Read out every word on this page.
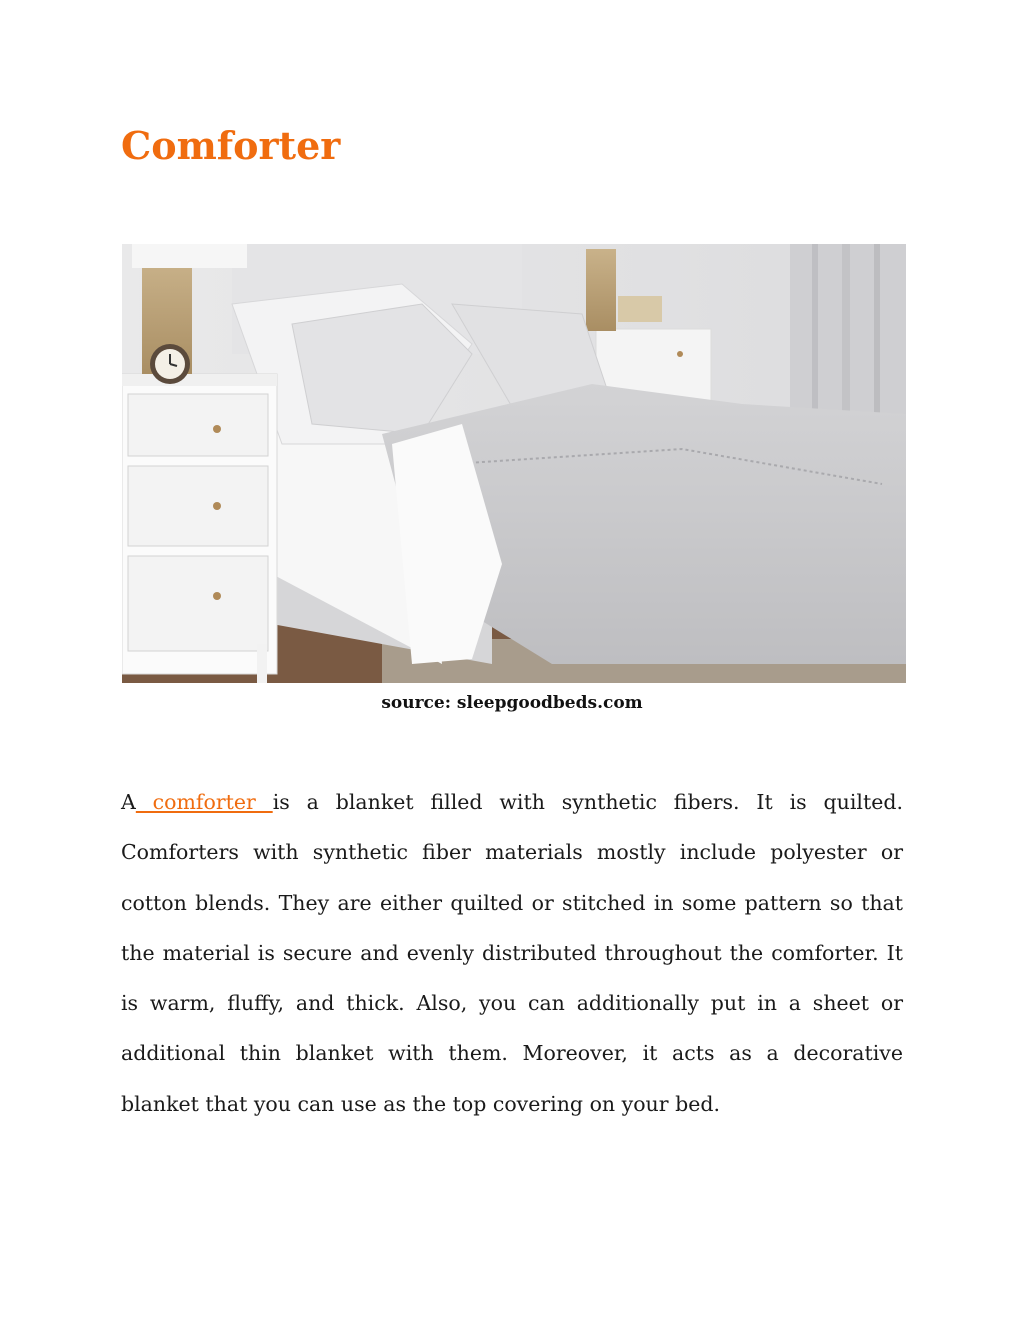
Comforter
source: sleepgoodbeds.com

A comforter is a blanket filled with synthetic fibers. It is quilted. Comforters with synthetic fiber materials mostly include polyester or cotton blends. They are either quilted or stitched in some pattern so that the material is secure and evenly distributed throughout the comforter. It is warm, fluffy, and thick. Also, you can additionally put in a sheet or additional thin blanket with them. Moreover, it acts as a decorative blanket that you can use as the top covering on your bed.
